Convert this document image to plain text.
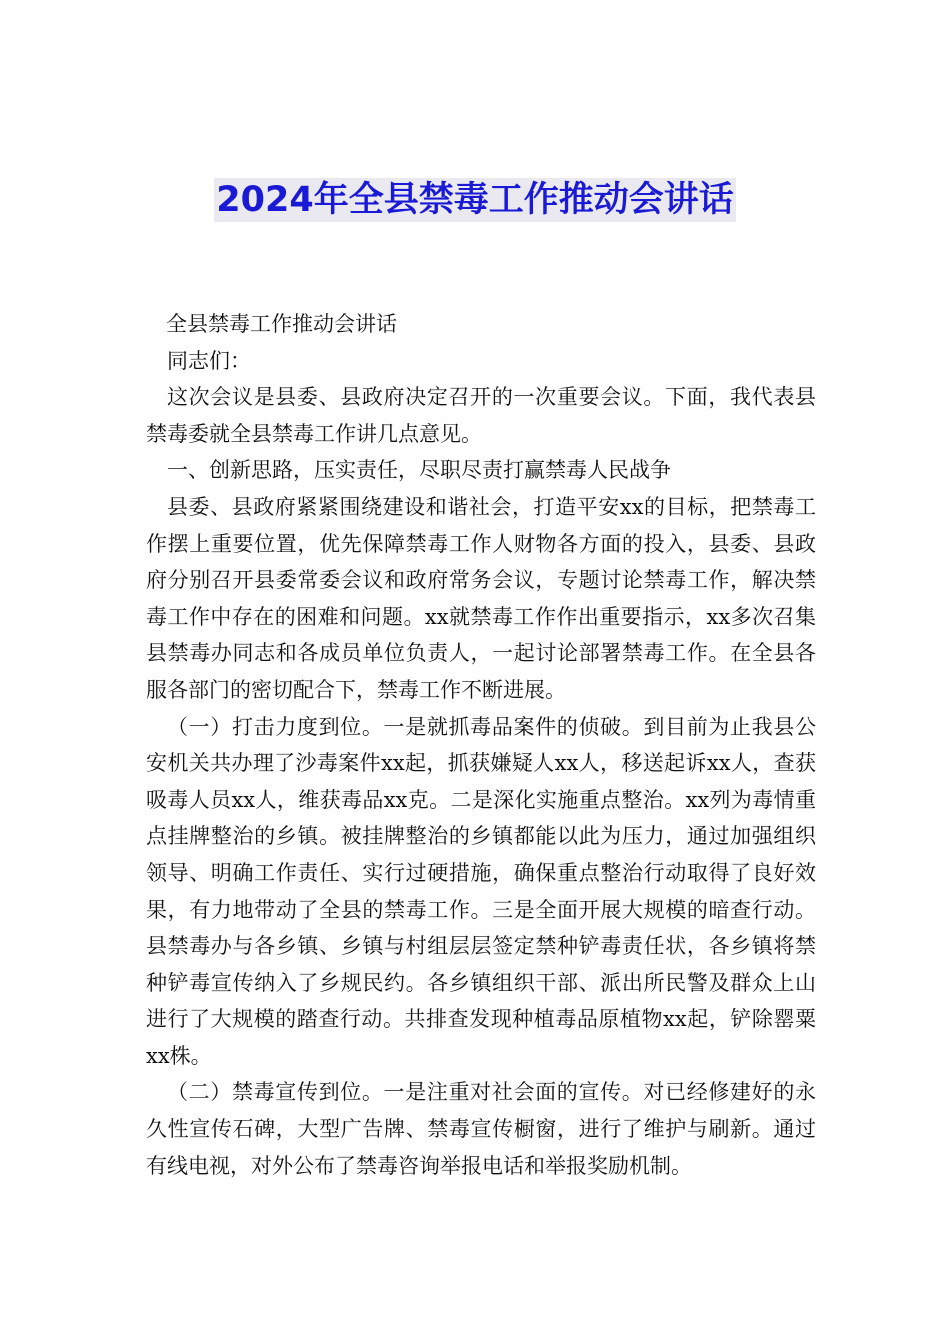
2024年全县禁毒工作推动会讲话

全县禁毒工作推动会讲话

同志们：

这次会议是县委、县政府决定召开的一次重要会议。下面，我代表县禁毒委就全县禁毒工作讲几点意见。

一、创新思路，压实责任，尽职尽责打赢禁毒人民战争

县委、县政府紧紧围绕建设和谐社会，打造平安xx的目标，把禁毒工作摆上重要位置，优先保障禁毒工作人财物各方面的投入，县委、县政府分别召开县委常委会议和政府常务会议，专题讨论禁毒工作，解决禁毒工作中存在的困难和问题。xx就禁毒工作作出重要指示，xx多次召集县禁毒办同志和各成员单位负责人，一起讨论部署禁毒工作。在全县各服各部门的密切配合下，禁毒工作不断进展。

（一）打击力度到位。一是就抓毒品案件的侦破。到目前为止我县公安机关共办理了沙毒案件xx起，抓获嫌疑人xx人，移送起诉xx人，查获吸毒人员xx人，维获毒品xx克。二是深化实施重点整治。xx列为毒情重点挂牌整治的乡镇。被挂牌整治的乡镇都能以此为压力，通过加强组织领导、明确工作责任、实行过硬措施，确保重点整治行动取得了良好效果，有力地带动了全县的禁毒工作。三是全面开展大规模的暗查行动。县禁毒办与各乡镇、乡镇与村组层层签定禁种铲毒责任状，各乡镇将禁种铲毒宣传纳入了乡规民约。各乡镇组织干部、派出所民警及群众上山进行了大规模的踏查行动。共排查发现种植毒品原植物xx起，铲除罂粟xx株。

（二）禁毒宣传到位。一是注重对社会面的宣传。对已经修建好的永久性宣传石碑，大型广告牌、禁毒宣传橱窗，进行了维护与刷新。通过有线电视，对外公布了禁毒咨询举报电话和举报奖励机制。
